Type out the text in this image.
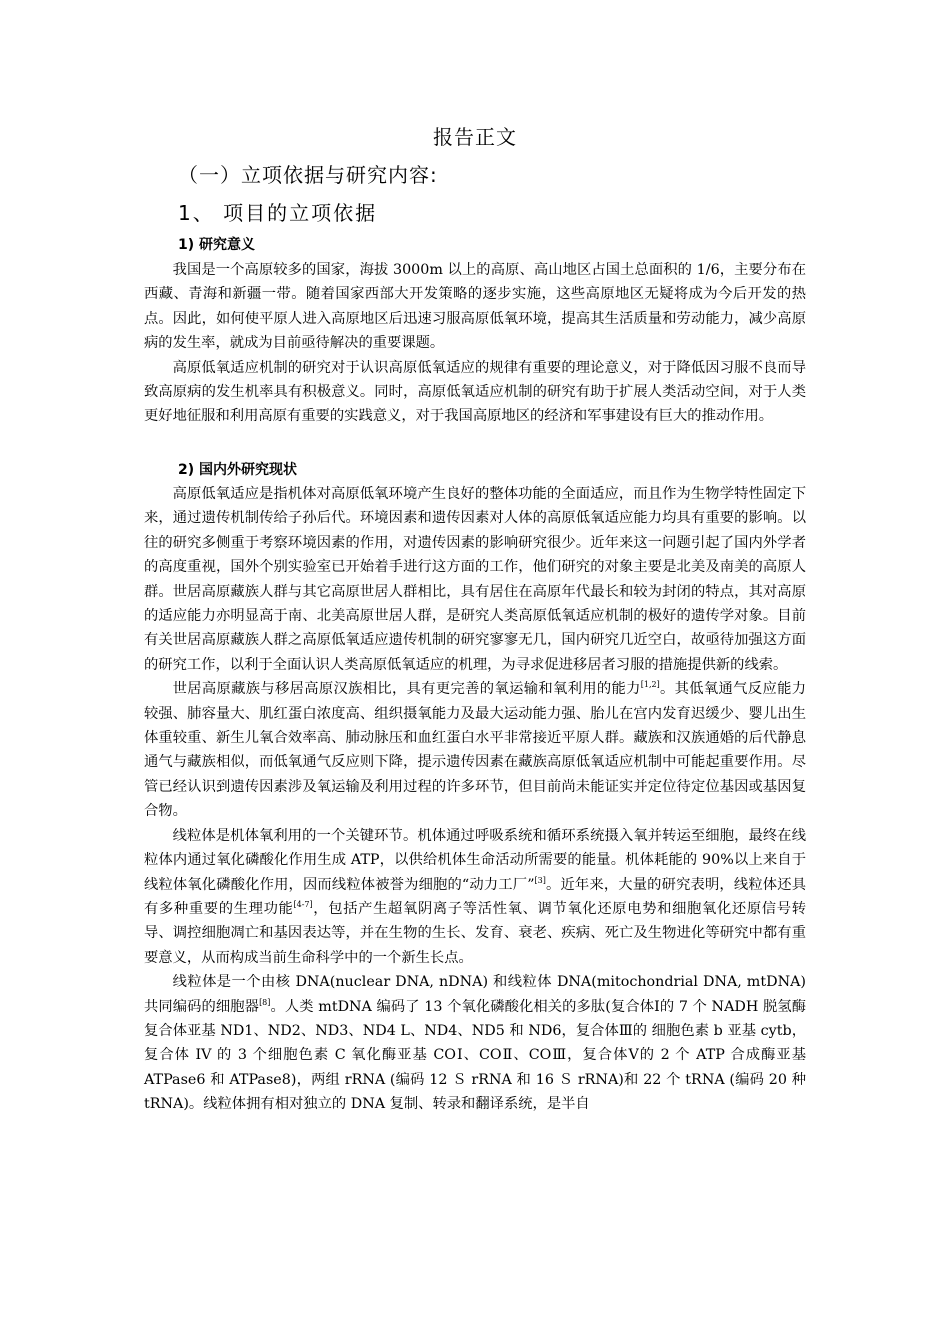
报告正文
（一）立项依据与研究内容:
1、 项目的立项依据
1) 研究意义

我国是一个高原较多的国家，海拔 3000m 以上的高原、高山地区占国土总面积的 1/6，主要分布在西藏、青海和新疆一带。随着国家西部大开发策略的逐步实施，这些高原地区无疑将成为今后开发的热点。因此，如何使平原人进入高原地区后迅速习服高原低氧环境，提高其生活质量和劳动能力，减少高原病的发生率，就成为目前亟待解决的重要课题。

高原低氧适应机制的研究对于认识高原低氧适应的规律有重要的理论意义，对于降低因习服不良而导致高原病的发生机率具有积极意义。同时，高原低氧适应机制的研究有助于扩展人类活动空间，对于人类更好地征服和利用高原有重要的实践意义，对于我国高原地区的经济和军事建设有巨大的推动作用。

2) 国内外研究现状

高原低氧适应是指机体对高原低氧环境产生良好的整体功能的全面适应，而且作为生物学特性固定下来，通过遗传机制传给子孙后代。环境因素和遗传因素对人体的高原低氧适应能力均具有重要的影响。以往的研究多侧重于考察环境因素的作用，对遗传因素的影响研究很少。近年来这一问题引起了国内外学者的高度重视，国外个别实验室已开始着手进行这方面的工作，他们研究的对象主要是北美及南美的高原人群。世居高原藏族人群与其它高原世居人群相比，具有居住在高原年代最长和较为封闭的特点，其对高原的适应能力亦明显高于南、北美高原世居人群，是研究人类高原低氧适应机制的极好的遗传学对象。目前有关世居高原藏族人群之高原低氧适应遗传机制的研究寥寥无几，国内研究几近空白，故亟待加强这方面的研究工作，以利于全面认识人类高原低氧适应的机理，为寻求促进移居者习服的措施提供新的线索。

世居高原藏族与移居高原汉族相比，具有更完善的氧运输和氧利用的能力[1,2]。其低氧通气反应能力较强、肺容量大、肌红蛋白浓度高、组织摄氧能力及最大运动能力强、胎儿在宫内发育迟缓少、婴儿出生体重较重、新生儿氧合效率高、肺动脉压和血红蛋白水平非常接近平原人群。藏族和汉族通婚的后代静息通气与藏族相似，而低氧通气反应则下降，提示遗传因素在藏族高原低氧适应机制中可能起重要作用。尽管已经认识到遗传因素涉及氧运输及利用过程的许多环节，但目前尚未能证实并定位待定位基因或基因复合物。

线粒体是机体氧利用的一个关键环节。机体通过呼吸系统和循环系统摄入氧并转运至细胞，最终在线粒体内通过氧化磷酸化作用生成 ATP，以供给机体生命活动所需要的能量。机体耗能的 90%以上来自于线粒体氧化磷酸化作用，因而线粒体被誉为细胞的“动力工厂”[3]。近年来，大量的研究表明，线粒体还具有多种重要的生理功能[4-7]，包括产生超氧阴离子等活性氧、调节氧化还原电势和细胞氧化还原信号转导、调控细胞凋亡和基因表达等，并在生物的生长、发育、衰老、疾病、死亡及生物进化等研究中都有重要意义，从而构成当前生命科学中的一个新生长点。

线粒体是一个由核 DNA(nuclear DNA, nDNA) 和线粒体 DNA(mitochondrial DNA, mtDNA)共同编码的细胞器[8]。人类 mtDNA 编码了 13 个氧化磷酸化相关的多肽(复合体Ⅰ的 7 个 NADH 脱氢酶复合体亚基 ND1、ND2、ND3、ND4 L、ND4、ND5 和 ND6，复合体Ⅲ的 细胞色素 b 亚基 cytb，复合体 IV 的 3 个细胞色素 C 氧化酶亚基 COⅠ、COⅡ、COⅢ，复合体Ⅴ的 2 个 ATP 合成酶亚基 ATPase6 和 ATPase8)，两组 rRNA (编码 12 Ｓ rRNA 和 16 Ｓ rRNA)和 22 个 tRNA (编码 20 种 tRNA)。线粒体拥有相对独立的 DNA 复制、转录和翻译系统，是半自
